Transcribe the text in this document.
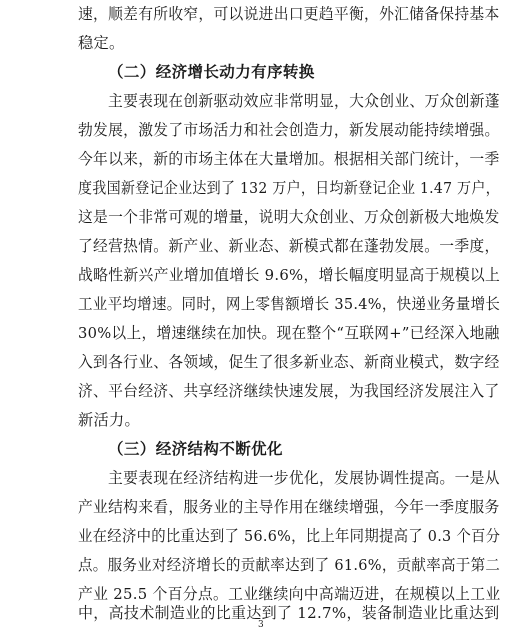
速，顺差有所收窄，可以说进出口更趋平衡，外汇储备保持基本
稳定。
（二）经济增长动力有序转换
主要表现在创新驱动效应非常明显，大众创业、万众创新蓬
勃发展，激发了市场活力和社会创造力，新发展动能持续增强。
今年以来，新的市场主体在大量增加。根据相关部门统计，一季
度我国新登记企业达到了 132 万户，日均新登记企业 1.47 万户，
这是一个非常可观的增量，说明大众创业、万众创新极大地焕发
了经营热情。新产业、新业态、新模式都在蓬勃发展。一季度，
战略性新兴产业增加值增长 9.6%，增长幅度明显高于规模以上
工业平均增速。同时，网上零售额增长 35.4%，快递业务量增长
30%以上，增速继续在加快。现在整个“互联网+”已经深入地融
入到各行业、各领域，促生了很多新业态、新商业模式，数字经
济、平台经济、共享经济继续快速发展，为我国经济发展注入了
新活力。
（三）经济结构不断优化
主要表现在经济结构进一步优化，发展协调性提高。一是从
产业结构来看，服务业的主导作用在继续增强，今年一季度服务
业在经济中的比重达到了 56.6%，比上年同期提高了 0.3 个百分
点。服务业对经济增长的贡献率达到了 61.6%，贡献率高于第二
产业 25.5 个百分点。工业继续向中高端迈进，在规模以上工业
中，高技术制造业的比重达到了 12.7%，装备制造业比重达到
3
